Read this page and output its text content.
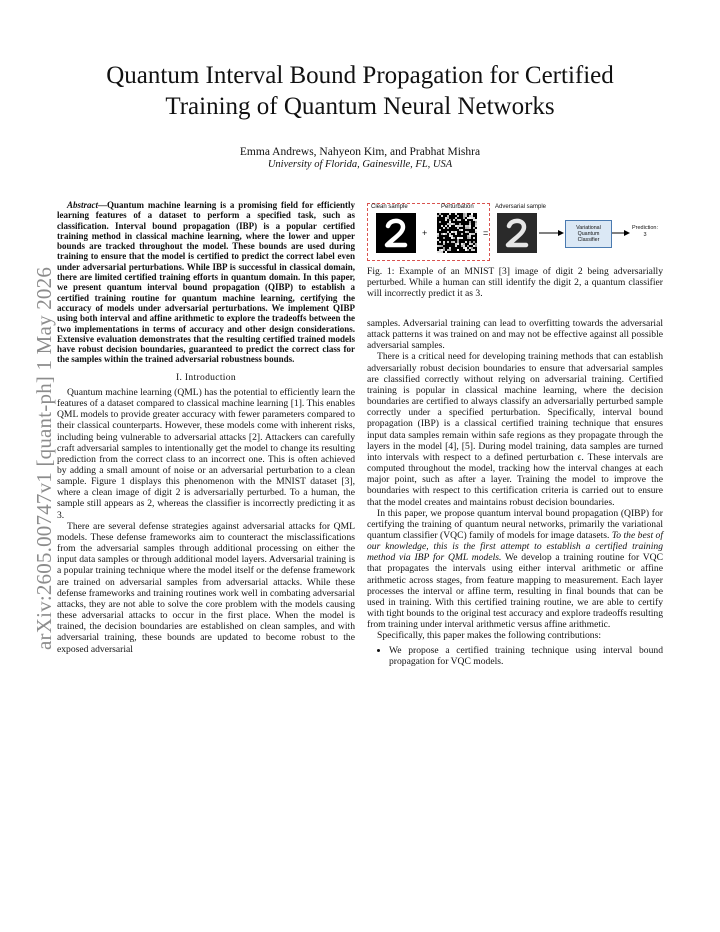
arXiv:2605.00747v1 [quant-ph] 1 May 2026
Quantum Interval Bound Propagation for Certified
Training of Quantum Neural Networks
Emma Andrews, Nahyeon Kim, and Prabhat Mishra
University of Florida, Gainesville, FL, USA

Abstract—Quantum machine learning is a promising field for efficiently learning features of a dataset to perform a specified task, such as classification. Interval bound propagation (IBP) is a popular certified training method in classical machine learning, where the lower and upper bounds are tracked throughout the model. These bounds are used during training to ensure that the model is certified to predict the correct label even under adversarial perturbations. While IBP is successful in classical domain, there are limited certified training efforts in quantum domain. In this paper, we present quantum interval bound propagation (QIBP) to establish a certified training routine for quantum machine learning, certifying the accuracy of models under adversarial perturbations. We implement QIBP using both interval and affine arithmetic to explore the tradeoffs between the two implementations in terms of accuracy and other design considerations. Extensive evaluation demonstrates that the resulting certified trained models have robust decision boundaries, guaranteed to predict the correct class for the samples within the trained adversarial robustness bounds.

I. Introduction

Quantum machine learning (QML) has the potential to efficiently learn the features of a dataset compared to classical machine learning [1]. This enables QML models to provide greater accuracy with fewer parameters compared to their classical counterparts. However, these models come with inherent risks, including being vulnerable to adversarial attacks [2]. Attackers can carefully craft adversarial samples to intentionally get the model to change its resulting prediction from the correct class to an incorrect one. This is often achieved by adding a small amount of noise or an adversarial perturbation to a clean sample. Figure 1 displays this phenomenon with the MNIST dataset [3], where a clean image of digit 2 is adversarially perturbed. To a human, the sample still appears as 2, whereas the classifier is incorrectly predicting it as 3.

There are several defense strategies against adversarial attacks for QML models. These defense frameworks aim to counteract the misclassifications from the adversarial samples through additional processing on either the input data samples or through additional model layers. Adversarial training is a popular training technique where the model itself or the defense framework are trained on adversarial samples from adversarial attacks. While these defense frameworks and training routines work well in combating adversarial attacks, they are not able to solve the core problem with the models causing these adversarial attacks to occur in the first place. When the model is trained, the decision boundaries are established on clean samples, and with adversarial training, these bounds are updated to become robust to the exposed adversarial

Clean sample	Perturbation	Adversarial sample
+	=
Variational Quantum Classifier
Prediction:
3

Fig. 1: Example of an MNIST [3] image of digit 2 being adversarially perturbed. While a human can still identify the digit 2, a quantum classifier will incorrectly predict it as 3.

samples. Adversarial training can lead to overfitting towards the adversarial attack patterns it was trained on and may not be effective against all possible adversarial samples.

There is a critical need for developing training methods that can establish adversarially robust decision boundaries to ensure that adversarial samples are classified correctly without relying on adversarial training. Certified training is popular in classical machine learning, where the decision boundaries are certified to always classify an adversarially perturbed sample correctly under a specified perturbation. Specifically, interval bound propagation (IBP) is a classical certified training technique that ensures input data samples remain within safe regions as they propagate through the layers in the model [4], [5]. During model training, data samples are turned into intervals with respect to a defined perturbation ϵ. These intervals are computed throughout the model, tracking how the interval changes at each major point, such as after a layer. Training the model to improve the boundaries with respect to this certification criteria is carried out to ensure that the model creates and maintains robust decision boundaries.

In this paper, we propose quantum interval bound propagation (QIBP) for certifying the training of quantum neural networks, primarily the variational quantum classifier (VQC) family of models for image datasets. To the best of our knowledge, this is the first attempt to establish a certified training method via IBP for QML models. We develop a training routine for VQC that propagates the intervals using either interval arithmetic or affine arithmetic across stages, from feature mapping to measurement. Each layer processes the interval or affine term, resulting in final bounds that can be used in training. With this certified training routine, we are able to certify with tight bounds to the original test accuracy and explore tradeoffs resulting from training under interval arithmetic versus affine arithmetic.

Specifically, this paper makes the following contributions:

• We propose a certified training technique using interval bound propagation for VQC models.
